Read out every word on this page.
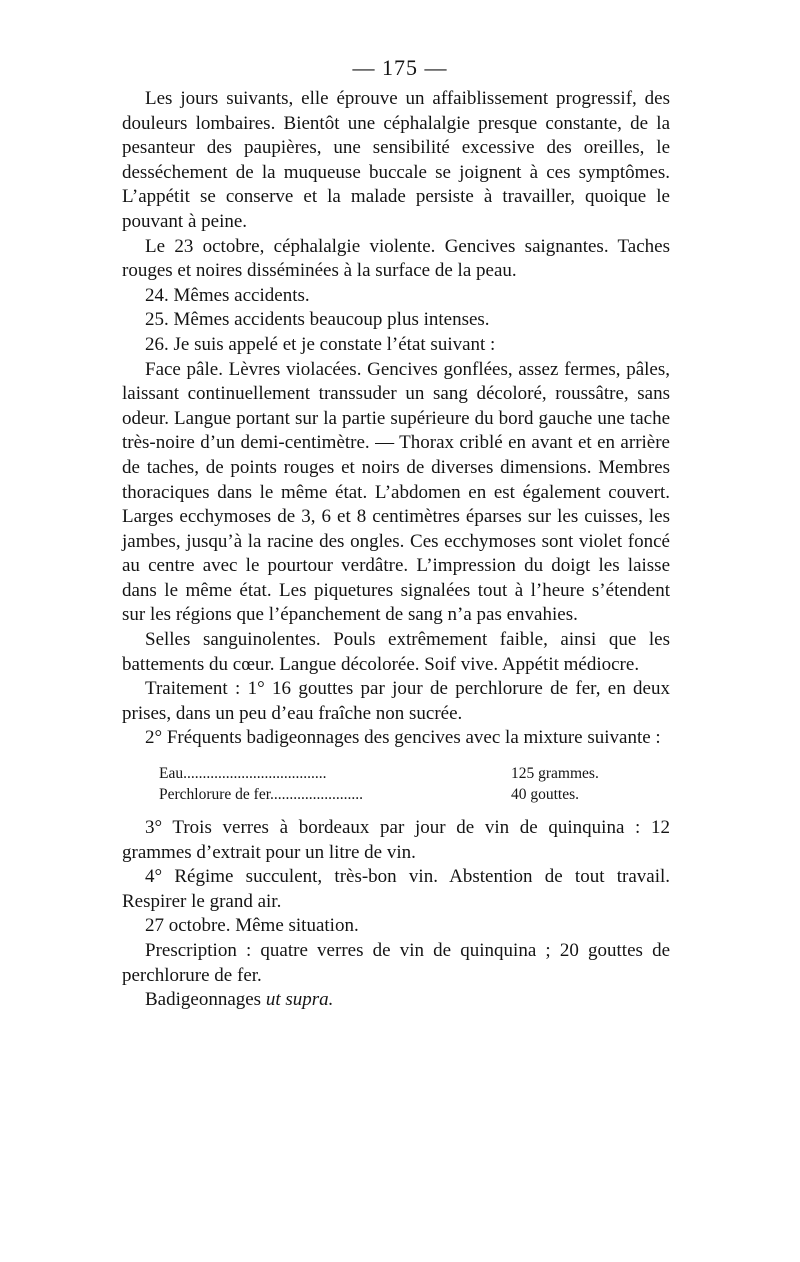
— 175 —

Les jours suivants, elle éprouve un affaiblissement progressif, des douleurs lombaires. Bientôt une céphalalgie presque constante, de la pesanteur des paupières, une sensibilité excessive des oreilles, le desséchement de la muqueuse buccale se joignent à ces symptômes. L’appétit se conserve et la malade persiste à travailler, quoique le pouvant à peine.

Le 23 octobre, céphalalgie violente. Gencives saignantes. Taches rouges et noires disséminées à la surface de la peau.

24. Mêmes accidents.

25. Mêmes accidents beaucoup plus intenses.

26. Je suis appelé et je constate l’état suivant :

Face pâle. Lèvres violacées. Gencives gonflées, assez fermes, pâles, laissant continuellement transsuder un sang décoloré, roussâtre, sans odeur. Langue portant sur la partie supérieure du bord gauche une tache très-noire d’un demi-centimètre. — Thorax criblé en avant et en arrière de taches, de points rouges et noirs de diverses dimensions. Membres thoraciques dans le même état. L’abdomen en est également couvert. Larges ecchymoses de 3, 6 et 8 centimètres éparses sur les cuisses, les jambes, jusqu’à la racine des ongles. Ces ecchymoses sont violet foncé au centre avec le pourtour verdâtre. L’impression du doigt les laisse dans le même état. Les piquetures signalées tout à l’heure s’étendent sur les régions que l’épanchement de sang n’a pas envahies.

Selles sanguinolentes. Pouls extrêmement faible, ainsi que les battements du cœur. Langue décolorée. Soif vive. Appétit médiocre.

Traitement : 1° 16 gouttes par jour de perchlorure de fer, en deux prises, dans un peu d’eau fraîche non sucrée.

2° Fréquents badigeonnages des gencives avec la mixture suivante :

Eau.....................................	125 grammes.
Perchlorure de fer........................	40 gouttes.

3° Trois verres à bordeaux par jour de vin de quinquina : 12 grammes d’extrait pour un litre de vin.

4° Régime succulent, très-bon vin. Abstention de tout travail. Respirer le grand air.

27 octobre. Même situation.

Prescription : quatre verres de vin de quinquina ; 20 gouttes de perchlorure de fer.

Badigeonnages ut supra.
